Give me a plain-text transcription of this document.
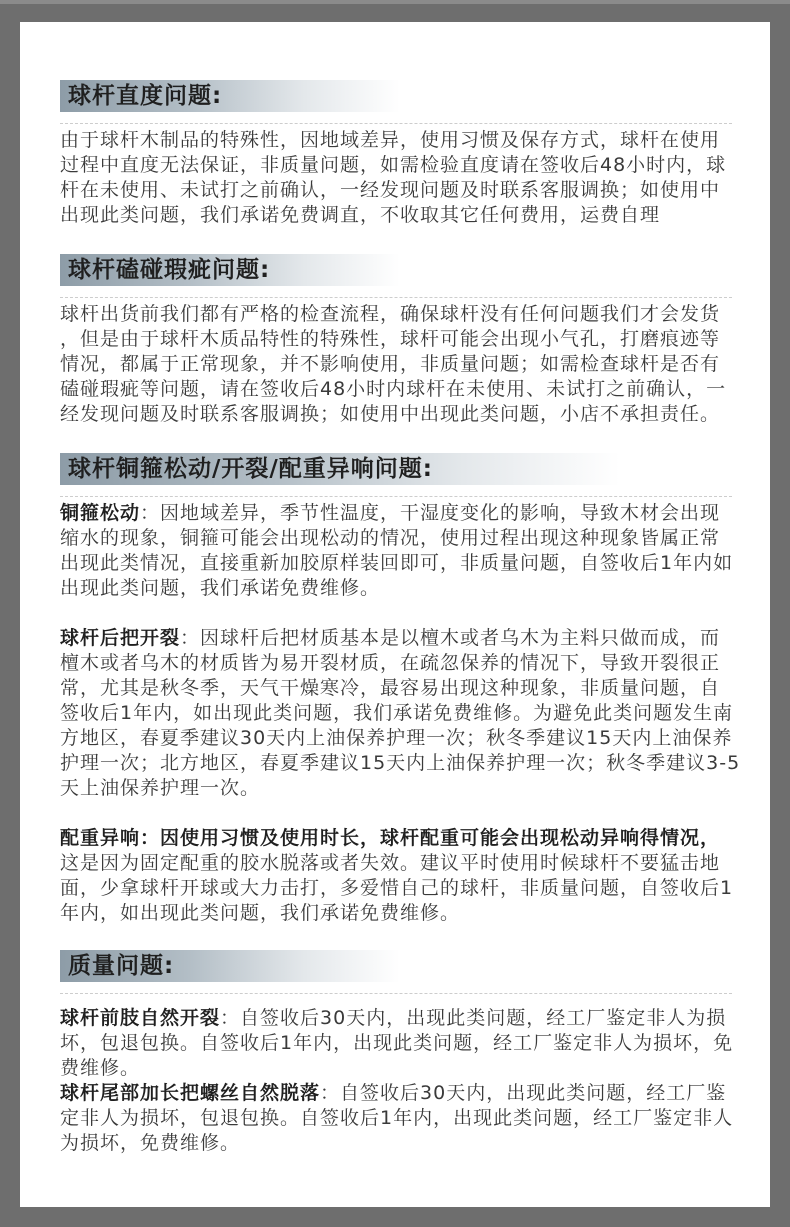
球杆直度问题:
由于球杆木制品的特殊性，因地域差异，使用习惯及保存方式，球杆在使用
过程中直度无法保证，非质量问题，如需检验直度请在签收后48小时内，球
杆在未使用、未试打之前确认，一经发现问题及时联系客服调换；如使用中
出现此类问题，我们承诺免费调直，不收取其它任何费用，运费自理
球杆磕碰瑕疵问题:
球杆出货前我们都有严格的检查流程，确保球杆没有任何问题我们才会发货
，但是由于球杆木质品特性的特殊性，球杆可能会出现小气孔，打磨痕迹等
情况，都属于正常现象，并不影响使用，非质量问题；如需检查球杆是否有
磕碰瑕疵等问题，请在签收后48小时内球杆在未使用、未试打之前确认，一
经发现问题及时联系客服调换；如使用中出现此类问题，小店不承担责任。
球杆铜箍松动/开裂/配重异响问题:
铜箍松动：因地域差异，季节性温度，干湿度变化的影响，导致木材会出现
缩水的现象，铜箍可能会出现松动的情况，使用过程出现这种现象皆属正常
出现此类情况，直接重新加胶原样装回即可，非质量问题，自签收后1年内如
出现此类问题，我们承诺免费维修。
球杆后把开裂：因球杆后把材质基本是以檀木或者乌木为主料只做而成，而
檀木或者乌木的材质皆为易开裂材质，在疏忽保养的情况下，导致开裂很正
常，尤其是秋冬季，天气干燥寒冷，最容易出现这种现象，非质量问题，自
签收后1年内，如出现此类问题，我们承诺免费维修。为避免此类问题发生南
方地区，春夏季建议30天内上油保养护理一次；秋冬季建议15天内上油保养
护理一次；北方地区，春夏季建议15天内上油保养护理一次；秋冬季建议3-5
天上油保养护理一次。
配重异响：因使用习惯及使用时长，球杆配重可能会出现松动异响得情况，
这是因为固定配重的胶水脱落或者失效。建议平时使用时候球杆不要猛击地
面，少拿球杆开球或大力击打，多爱惜自己的球杆，非质量问题，自签收后1
年内，如出现此类问题，我们承诺免费维修。
质量问题:
球杆前肢自然开裂：自签收后30天内，出现此类问题，经工厂鉴定非人为损
坏，包退包换。自签收后1年内，出现此类问题，经工厂鉴定非人为损坏，免
费维修。
球杆尾部加长把螺丝自然脱落：自签收后30天内，出现此类问题，经工厂鉴
定非人为损坏，包退包换。自签收后1年内，出现此类问题，经工厂鉴定非人
为损坏，免费维修。
